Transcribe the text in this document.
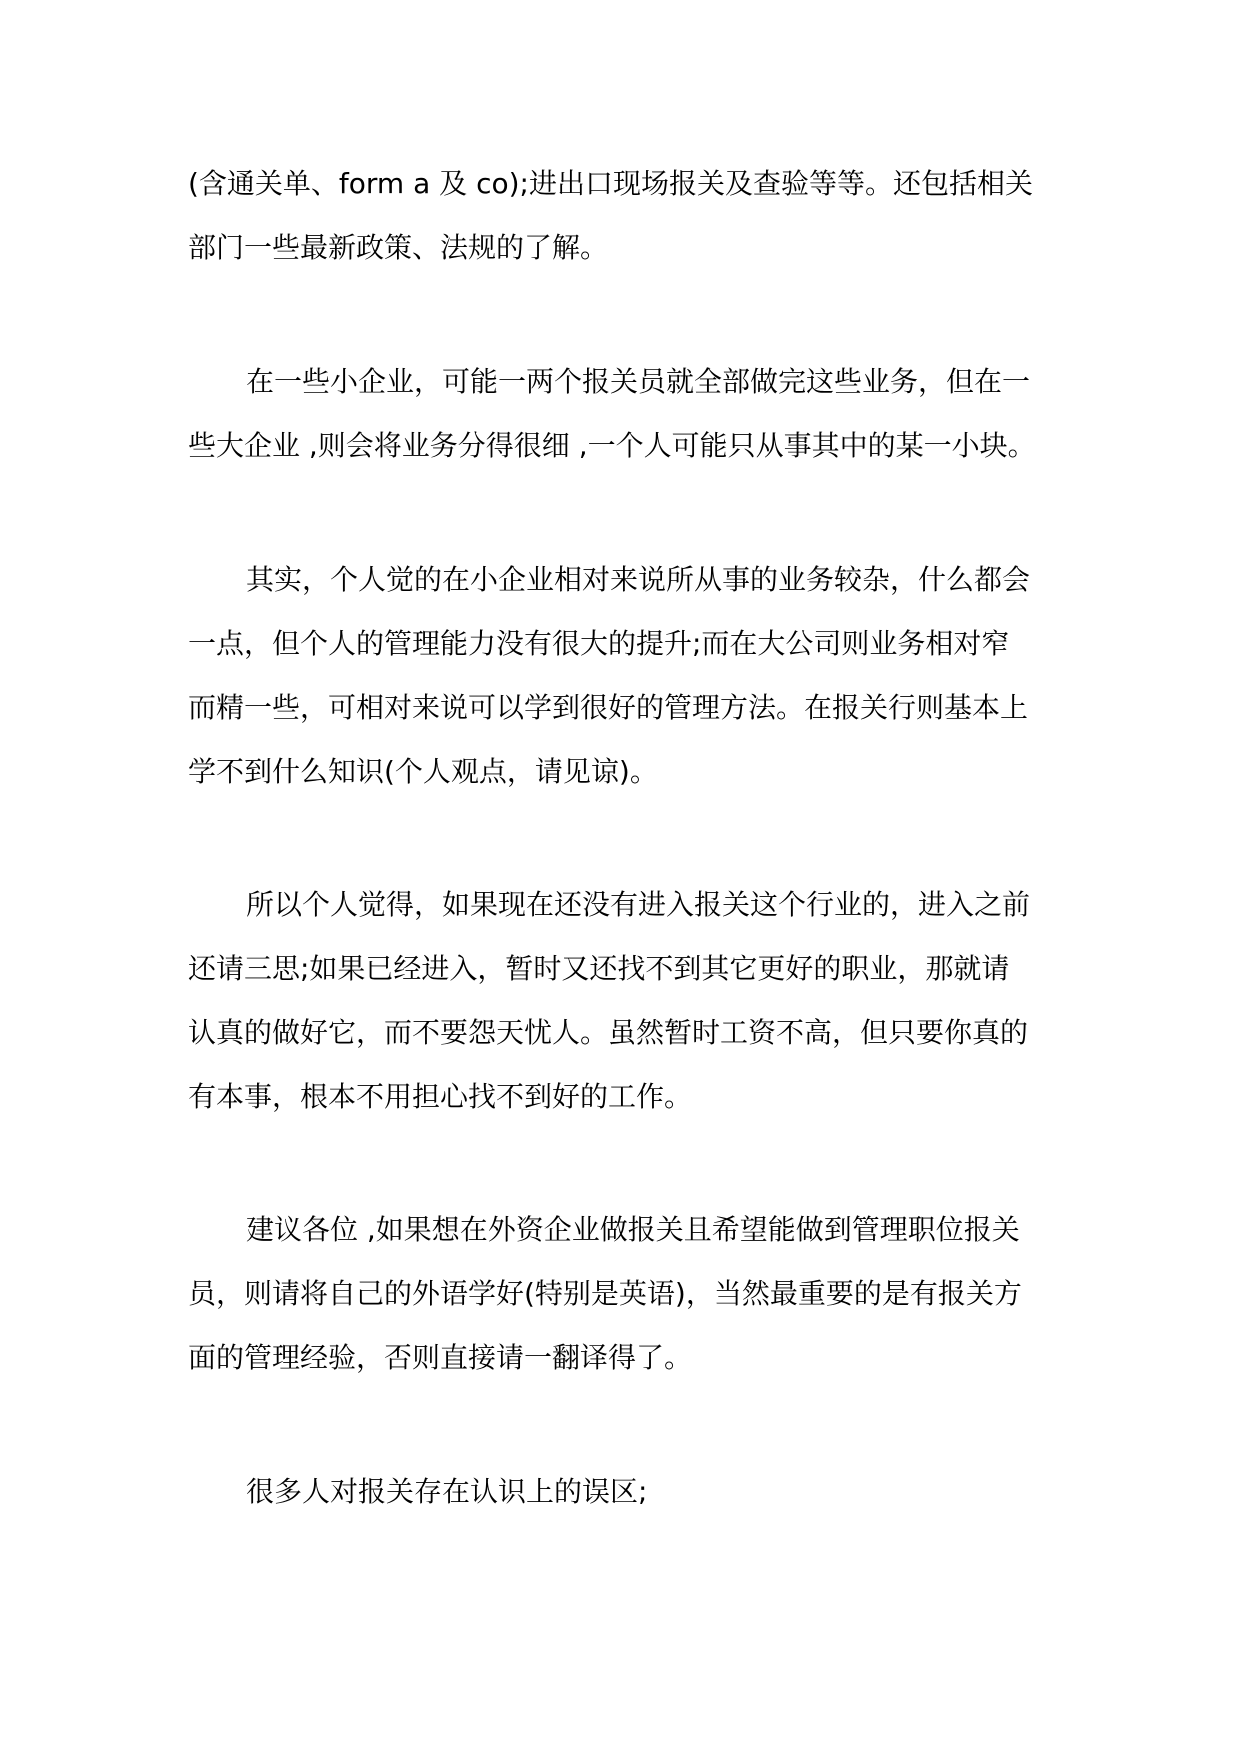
(含通关单、form a 及 co);进出口现场报关及查验等等。还包括相关
部门一些最新政策、法规的了解。
在一些小企业，可能一两个报关员就全部做完这些业务，但在一
些大企业 ,则会将业务分得很细 ,一个人可能只从事其中的某一小块。
其实，个人觉的在小企业相对来说所从事的业务较杂，什么都会
一点，但个人的管理能力没有很大的提升;而在大公司则业务相对窄
而精一些，可相对来说可以学到很好的管理方法。在报关行则基本上
学不到什么知识(个人观点，请见谅)。
所以个人觉得，如果现在还没有进入报关这个行业的，进入之前
还请三思;如果已经进入，暂时又还找不到其它更好的职业，那就请
认真的做好它，而不要怨天忧人。虽然暂时工资不高，但只要你真的
有本事，根本不用担心找不到好的工作。
建议各位 ,如果想在外资企业做报关且希望能做到管理职位报关
员，则请将自己的外语学好(特别是英语)，当然最重要的是有报关方
面的管理经验，否则直接请一翻译得了。
很多人对报关存在认识上的误区;
